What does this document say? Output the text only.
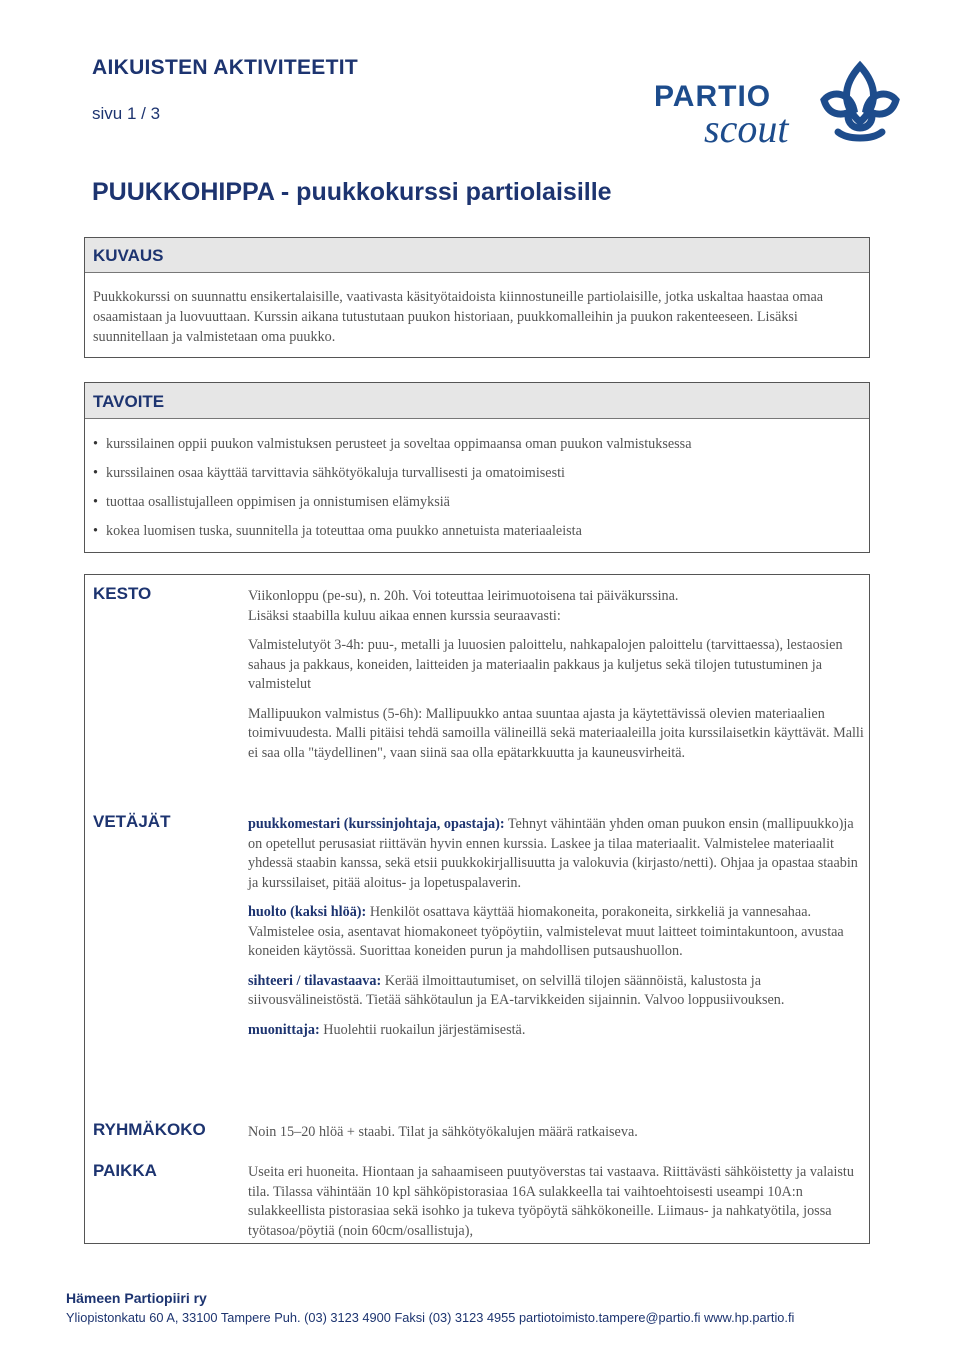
AIKUISTEN AKTIVITEETIT
sivu 1 / 3
PARTIO
scout
PUUKKOHIPPA - puukkokurssi partiolaisille
KUVAUS
Puukkokurssi on suunnattu ensikertalaisille, vaativasta käsityötaidoista kiinnostuneille partiolaisille, jotka uskaltaa haastaa omaa osaamistaan ja luovuuttaan. Kurssin aikana tutustutaan puukon historiaan, puukkomalleihin ja puukon rakenteeseen. Lisäksi suunnitellaan ja valmistetaan oma puukko.
TAVOITE
• kurssilainen oppii puukon valmistuksen perusteet ja soveltaa oppimaansa oman puukon valmistuksessa
• kurssilainen osaa käyttää tarvittavia sähkötyökaluja turvallisesti ja omatoimisesti
• tuottaa osallistujalleen oppimisen ja onnistumisen elämyksiä
• kokea luomisen tuska, suunnitella ja toteuttaa oma puukko annetuista materiaaleista
KESTO	Viikonloppu (pe-su), n. 20h. Voi toteuttaa leirimuotoisena tai päiväkurssina.

Lisäksi staabilla kuluu aikaa ennen kurssia seuraavasti:

Valmistelutyöt 3-4h: puu-, metalli ja luuosien paloittelu, nahkapalojen paloittelu (tarvittaessa), lestaosien sahaus ja pakkaus, koneiden, laitteiden ja materiaalin pakkaus ja kuljetus sekä tilojen tutustuminen ja valmistelut

Mallipuukon valmistus (5-6h): Mallipuukko antaa suuntaa ajasta ja käytettävissä olevien materiaalien toimivuudesta. Malli pitäisi tehdä samoilla välineillä sekä materiaaleilla joita kurssilaisetkin käyttävät. Malli ei saa olla "täydellinen", vaan siinä saa olla epätarkkuutta ja kauneusvirheitä.

VETÄJÄT	puukkomestari (kurssinjohtaja, opastaja): Tehnyt vähintään yhden oman puukon ensin (mallipuukko)ja on opetellut perusasiat riittävän hyvin ennen kurssia. Laskee ja tilaa materiaalit. Valmistelee materiaalit yhdessä staabin kanssa, sekä etsii puukkokirjallisuutta ja valokuvia (kirjasto/netti). Ohjaa ja opastaa staabin ja kurssilaiset, pitää aloitus- ja lopetuspalaverin.

huolto (kaksi hlöä): Henkilöt osattava käyttää hiomakoneita, porakoneita, sirkkeliä ja vannesahaa. Valmistelee osia, asentavat hiomakoneet työpöytiin, valmistelevat muut laitteet toimintakuntoon, avustaa koneiden käytössä. Suorittaa koneiden purun ja mahdollisen putsaushuollon.

sihteeri / tilavastaava: Kerää ilmoittautumiset, on selvillä tilojen säännöistä, kalustosta ja siivousvälineistöstä. Tietää sähkötaulun ja EA-tarvikkeiden sijainnin. Valvoo loppusiivouksen.

muonittaja: Huolehtii ruokailun järjestämisestä.

RYHMÄKOKO	Noin 15–20 hlöä + staabi. Tilat ja sähkötyökalujen määrä ratkaiseva.
PAIKKA	Useita eri huoneita. Hiontaan ja sahaamiseen puutyöverstas tai vastaava. Riittävästi sähköistetty ja valaistu tila. Tilassa vähintään 10 kpl sähköpistorasiaa 16A sulakkeella tai vaihtoehtoisesti useampi 10A:n sulakkeellista pistorasiaa sekä isohko ja tukeva työpöytä sähkökoneille. Liimaus- ja nahkatyötila, jossa työtasoa/pöytiä (noin 60cm/osallistuja),
Hämeen Partiopiiri ry
Yliopistonkatu 60 A, 33100 Tampere Puh. (03) 3123 4900 Faksi (03) 3123 4955 partiotoimisto.tampere@partio.fi www.hp.partio.fi
